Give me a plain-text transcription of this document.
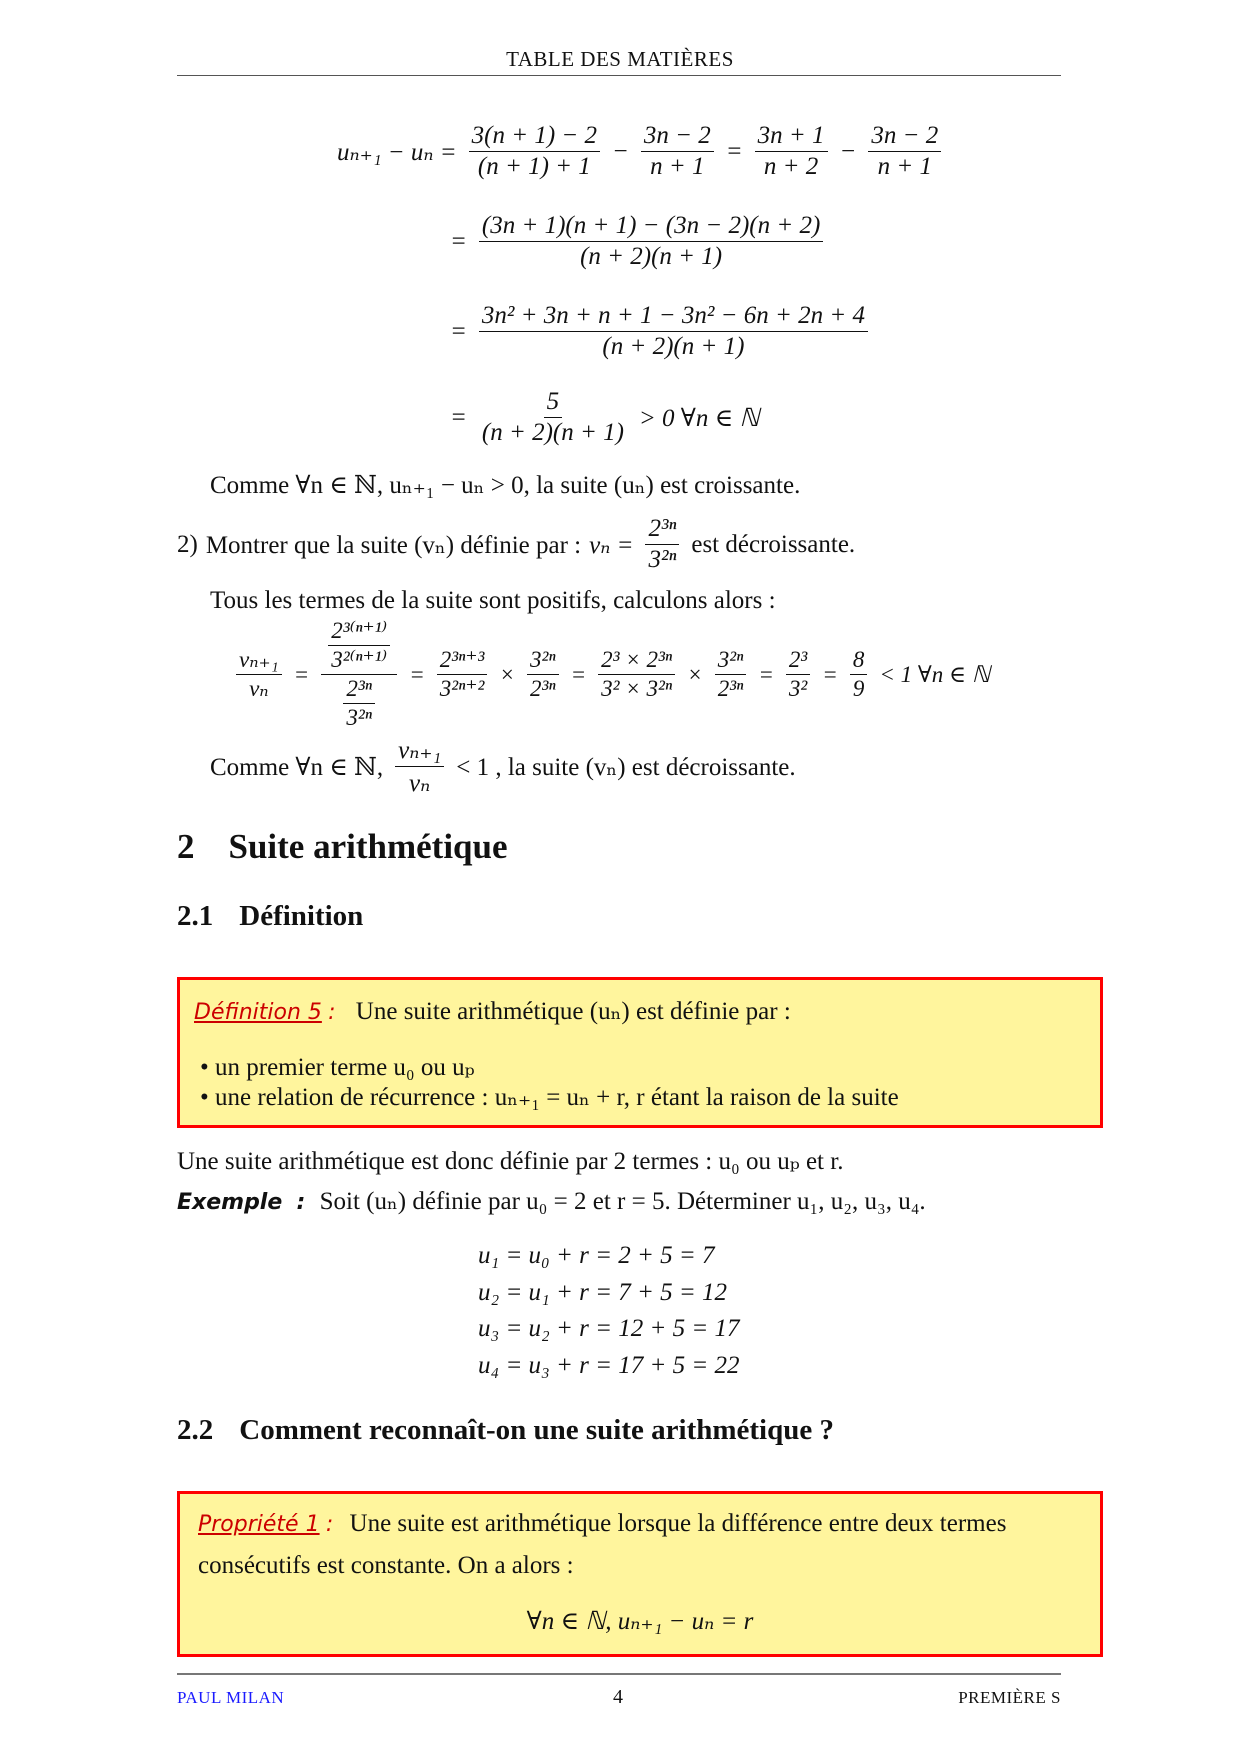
TABLE DES MATIÈRES
$u_{n+1} - u_n = \frac{3(n + 1) - 2}{(n + 1) + 1} - \frac{3n - 2}{n + 1} = \frac{3n + 1}{n + 2} - \frac{3n - 2}{n + 1}$
= $\frac{(3n + 1)(n + 1) - (3n - 2)(n + 2)}{(n + 2)(n + 1)}$
= $\frac{\text{3n² + 3n + n + 1 − 3n² − 6n + 2n + 4}}{(n + 2)(n + 1)}$
= $\frac{5}{(n + 2)(n + 1)} > 0$ ∀n ∈ ℕ
Comme ∀n ∈ ℕ, uₙ₊₁ − uₙ > 0, la suite (uₙ) est croissante.
2) Montrer que la suite (vₙ) définie par : $v_n = \frac{\text{2³ⁿ}}{\text{3²ⁿ}}$ est décroissante.
Tous les termes de la suite sont positifs, calculons alors :
$\frac{\text{vₙ₊₁}}{\text{vₙ}} = \frac{\frac{\text{2³⁽ⁿ⁺¹⁾}}{\text{3²⁽ⁿ⁺¹⁾}}}{\frac{\text{2³ⁿ}}{\text{3²ⁿ}}} = \frac{\text{2³ⁿ⁺³}}{\text{3²ⁿ⁺²}} \times \frac{\text{3²ⁿ}}{\text{2³ⁿ}} = \frac{\text{2³ × 2³ⁿ}}{\text{3² × 3²ⁿ}} \times \frac{\text{3²ⁿ}}{\text{2³ⁿ}} = \frac{\text{2³}}{\text{3²}} = \frac{8}{9} < 1$ ∀n ∈ ℕ
Comme ∀n ∈ ℕ, $\frac{\text{vₙ₊₁}}{\text{vₙ}} < 1$ , la suite (vₙ) est décroissante.
2 Suite arithmétique
2.1 Définition
Définition 5 : Une suite arithmétique (uₙ) est définie par :
• un premier terme u₀ ou uₚ
• une relation de récurrence : uₙ₊₁ = uₙ + r, r étant la raison de la suite
Une suite arithmétique est donc définie par 2 termes : u₀ ou uₚ et r.
Exemple : Soit (uₙ) définie par u₀ = 2 et r = 5. Déterminer u₁, u₂, u₃, u₄.
u₁ = u₀ + r = 2 + 5 = 7
u₂ = u₁ + r = 7 + 5 = 12
u₃ = u₂ + r = 12 + 5 = 17
u₄ = u₃ + r = 17 + 5 = 22
2.2 Comment reconnaît-on une suite arithmétique ?
Propriété 1 : Une suite est arithmétique lorsque la différence entre deux termes
consécutifs est constante. On a alors :
∀n ∈ ℕ, uₙ₊₁ − uₙ = r
PAUL MILAN	4	PREMIÈRE S
